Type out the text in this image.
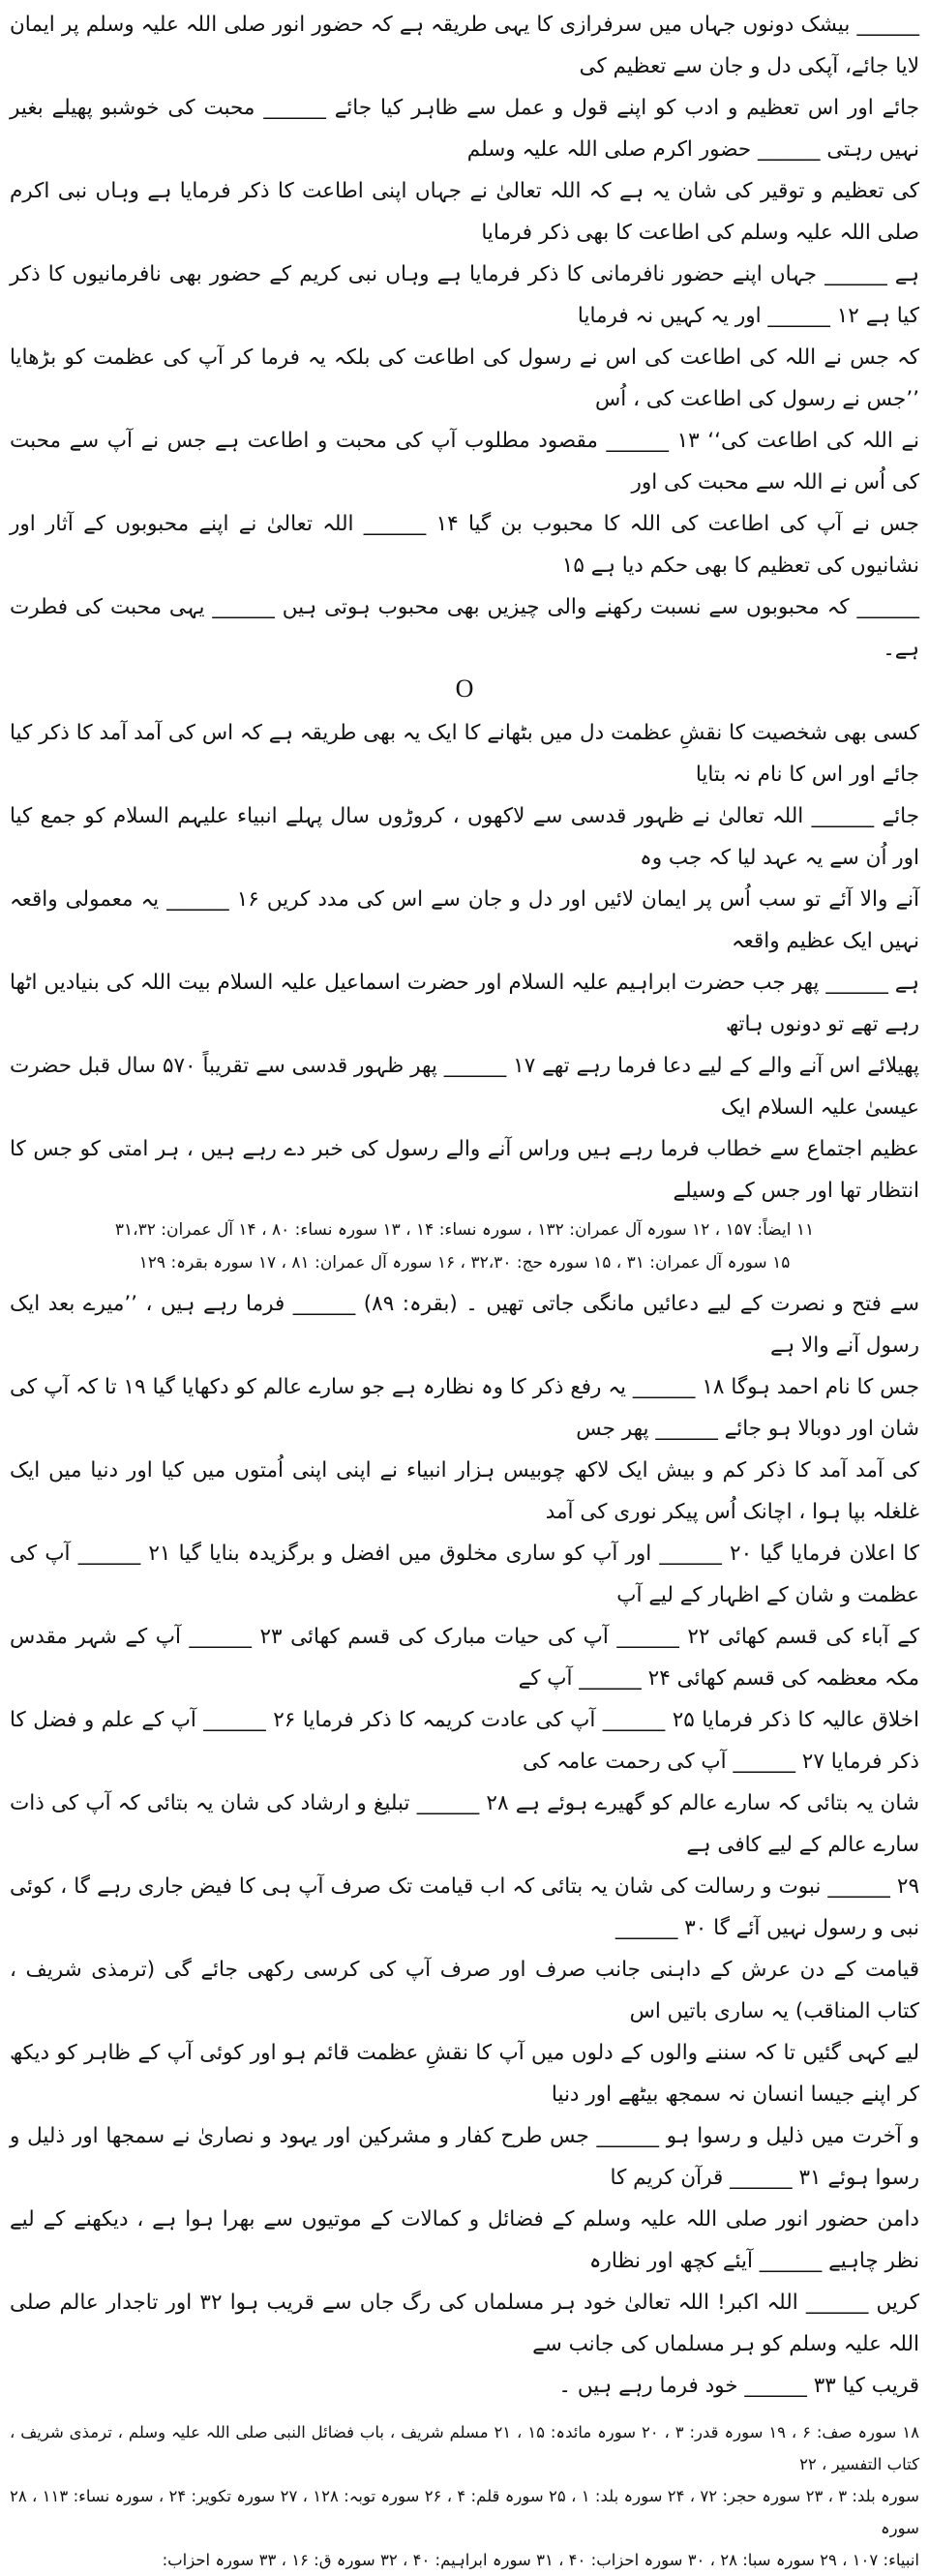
______ بیشک دونوں جہاں میں سرفرازی کا یہی طریقہ ہے کہ حضور انور صلی اللہ علیہ وسلم پر ایمان لایا جائے، آپکی دل و جان سے تعظیم کی

جائے اور اس تعظیم و ادب کو اپنے قول و عمل سے ظاہر کیا جائے ______ محبت کی خوشبو پھیلے بغیر نہیں رہتی ______ حضور اکرم صلی اللہ علیہ وسلم

کی تعظیم و توقیر کی شان یہ ہے کہ اللہ تعالیٰ نے جہاں اپنی اطاعت کا ذکر فرمایا ہے وہاں نبی اکرم صلی اللہ علیہ وسلم کی اطاعت کا بھی ذکر فرمایا

ہے ______ جہاں اپنے حضور نافرمانی کا ذکر فرمایا ہے وہاں نبی کریم کے حضور بھی نافرمانیوں کا ذکر کیا ہے ۱۲ ______ اور یہ کہیں نہ فرمایا

کہ جس نے اللہ کی اطاعت کی اس نے رسول کی اطاعت کی بلکہ یہ فرما کر آپ کی عظمت کو بڑھایا ’’جس نے رسول کی اطاعت کی ، اُس

نے اللہ کی اطاعت کی‘‘ ۱۳ ______ مقصود مطلوب آپ کی محبت و اطاعت ہے جس نے آپ سے محبت کی اُس نے اللہ سے محبت کی اور

جس نے آپ کی اطاعت کی اللہ کا محبوب بن گیا ۱۴ ______ اللہ تعالیٰ نے اپنے محبوبوں کے آثار اور نشانیوں کی تعظیم کا بھی حکم دیا ہے ۱۵

______ کہ محبوبوں سے نسبت رکھنے والی چیزیں بھی محبوب ہوتی ہیں ______ یہی محبت کی فطرت ہے۔

O

کسی بھی شخصیت کا نقشِ عظمت دل میں بٹھانے کا ایک یہ بھی طریقہ ہے کہ اس کی آمد آمد کا ذکر کیا جائے اور اس کا نام نہ بتایا

جائے ______ اللہ تعالیٰ نے ظہور قدسی سے لاکھوں ، کروڑوں سال پہلے انبیاء علیہم السلام کو جمع کیا اور اُن سے یہ عہد لیا کہ جب وہ

آنے والا آئے تو سب اُس پر ایمان لائیں اور دل و جان سے اس کی مدد کریں ۱۶ ______ یہ معمولی واقعہ نہیں ایک عظیم واقعہ

ہے ______ پھر جب حضرت ابراہیم علیہ السلام اور حضرت اسماعیل علیہ السلام بیت اللہ کی بنیادیں اٹھا رہے تھے تو دونوں ہاتھ

پھیلائے اس آنے والے کے لیے دعا فرما رہے تھے ۱۷ ______ پھر ظہور قدسی سے تقریباً ۵۷۰ سال قبل حضرت عیسیٰ علیہ السلام ایک

عظیم اجتماع سے خطاب فرما رہے ہیں وراس آنے والے رسول کی خبر دے رہے ہیں ، ہر امتی کو جس کا انتظار تھا اور جس کے وسیلے

۱۱ ایضاً: ۱۵۷ ، ۱۲ سورہ آل عمران: ۱۳۲ ، سورہ نساء: ۱۴ ، ۱۳ سورہ نساء: ۸۰ ، ۱۴ آل عمران: ۳۱،۳۲

۱۵ سورہ آل عمران: ۳۱ ، ۱۵ سورہ حج: ۳۲،۳۰ ، ۱۶ سورہ آل عمران: ۸۱ ، ۱۷ سورہ بقرہ: ۱۲۹

سے فتح و نصرت کے لیے دعائیں مانگی جاتی تھیں ۔ (بقرہ: ۸۹) ______ فرما رہے ہیں ، ’’میرے بعد ایک رسول آنے والا ہے

جس کا نام احمد ہوگا ۱۸ ______ یہ رفع ذکر کا وہ نظارہ ہے جو سارے عالم کو دکھایا گیا ۱۹ تا کہ آپ کی شان اور دوبالا ہو جائے ______ پھر جس

کی آمد آمد کا ذکر کم و بیش ایک لاکھ چوبیس ہزار انبیاء نے اپنی اپنی اُمتوں میں کیا اور دنیا میں ایک غلغلہ بپا ہوا ، اچانک اُس پیکر نوری کی آمد

کا اعلان فرمایا گیا ۲۰ ______ اور آپ کو ساری مخلوق میں افضل و برگزیدہ بنایا گیا ۲۱ ______ آپ کی عظمت و شان کے اظہار کے لیے آپ

کے آباء کی قسم کھائی ۲۲ ______ آپ کی حیات مبارک کی قسم کھائی ۲۳ ______ آپ کے شہر مقدس مکہ معظمہ کی قسم کھائی ۲۴ ______ آپ کے

اخلاق عالیہ کا ذکر فرمایا ۲۵ ______ آپ کی عادت کریمہ کا ذکر فرمایا ۲۶ ______ آپ کے علم و فضل کا ذکر فرمایا ۲۷ ______ آپ کی رحمت عامہ کی

شان یہ بتائی کہ سارے عالم کو گھیرے ہوئے ہے ۲۸ ______ تبلیغ و ارشاد کی شان یہ بتائی کہ آپ کی ذات سارے عالم کے لیے کافی ہے

۲۹ ______ نبوت و رسالت کی شان یہ بتائی کہ اب قیامت تک صرف آپ ہی کا فیض جاری رہے گا ، کوئی نبی و رسول نہیں آئے گا ۳۰ ______

قیامت کے دن عرش کے داہنی جانب صرف اور صرف آپ کی کرسی رکھی جائے گی (ترمذی شریف ، کتاب المناقب) یہ ساری باتیں اس

لیے کہی گئیں تا کہ سننے والوں کے دلوں میں آپ کا نقشِ عظمت قائم ہو اور کوئی آپ کے ظاہر کو دیکھ کر اپنے جیسا انسان نہ سمجھ بیٹھے اور دنیا

و آخرت میں ذلیل و رسوا ہو ______ جس طرح کفار و مشرکین اور یہود و نصاریٰ نے سمجھا اور ذلیل و رسوا ہوئے ۳۱ ______ قرآن کریم کا

دامن حضور انور صلی اللہ علیہ وسلم کے فضائل و کمالات کے موتیوں سے بھرا ہوا ہے ، دیکھنے کے لیے نظر چاہیے ______ آیئے کچھ اور نظارہ

کریں ______ اللہ اکبر! اللہ تعالیٰ خود ہر مسلماں کی رگ جاں سے قریب ہوا ۳۲ اور تاجدار عالم صلی اللہ علیہ وسلم کو ہر مسلماں کی جانب سے

قریب کیا ۳۳ ______ خود فرما رہے ہیں ۔

۱۸ سورہ صف: ۶ ، ۱۹ سورہ قدر: ۳ ، ۲۰ سورہ مائدہ: ۱۵ ، ۲۱ مسلم شریف ، باب فضائل النبی صلی اللہ علیہ وسلم ، ترمذی شریف ، کتاب التفسیر ، ۲۲

سورہ بلد: ۳ ، ۲۳ سورہ حجر: ۷۲ ، ۲۴ سورہ بلد: ۱ ، ۲۵ سورہ قلم: ۴ ، ۲۶ سورہ توبہ: ۱۲۸ ، ۲۷ سورہ تکویر: ۲۴ ، سورہ نساء: ۱۱۳ ، ۲۸ سورہ

انبیاء: ۱۰۷ ، ۲۹ سورہ سبا: ۲۸ ، ۳۰ سورہ احزاب: ۴۰ ، ۳۱ سورہ ابراہیم: ۴۰ ، ۳۲ سورہ ق: ۱۶ ، ۳۳ سورہ احزاب:
